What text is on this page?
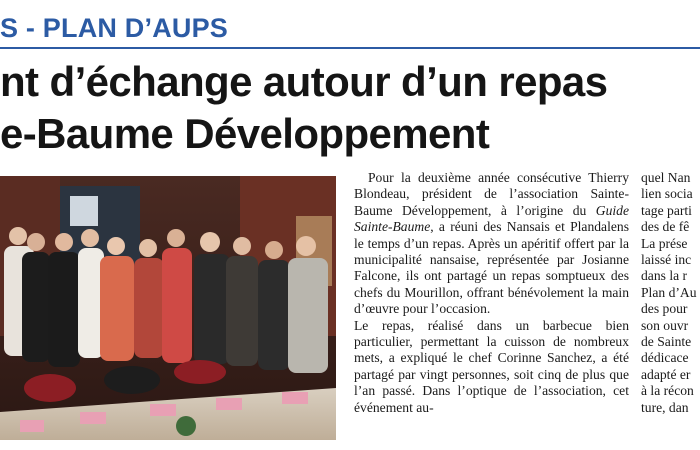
S - PLAN D’AUPS
nt d’échange autour d’un repas
e-Baume Développement

Pour la deuxième année consécutive Thierry Blondeau, président de l’association Sainte-Baume Développement, à l’origine du Guide Sainte-Baume, a réuni des Nansais et Plandalens le temps d’un repas. Après un apéritif offert par la municipalité nansaise, représentée par Josianne Falcone, ils ont partagé un repas somptueux des chefs du Mourillon, offrant bénévolement la main d’œuvre pour l’occasion.

Le repas, réalisé dans un barbecue bien particulier, permettant la cuisson de nombreux mets, a expliqué le chef Corinne Sanchez, a été partagé par vingt personnes, soit cinq de plus que l’an passé. Dans l’optique de l’association, cet événement au-

quel Nan
lien socia
tage parti
des de fê
La prése
laissé inc
dans la r
Plan d’Au
des pour
son ouvr
de Sainte
dédicace
adapté er
à la récon
ture, dan
